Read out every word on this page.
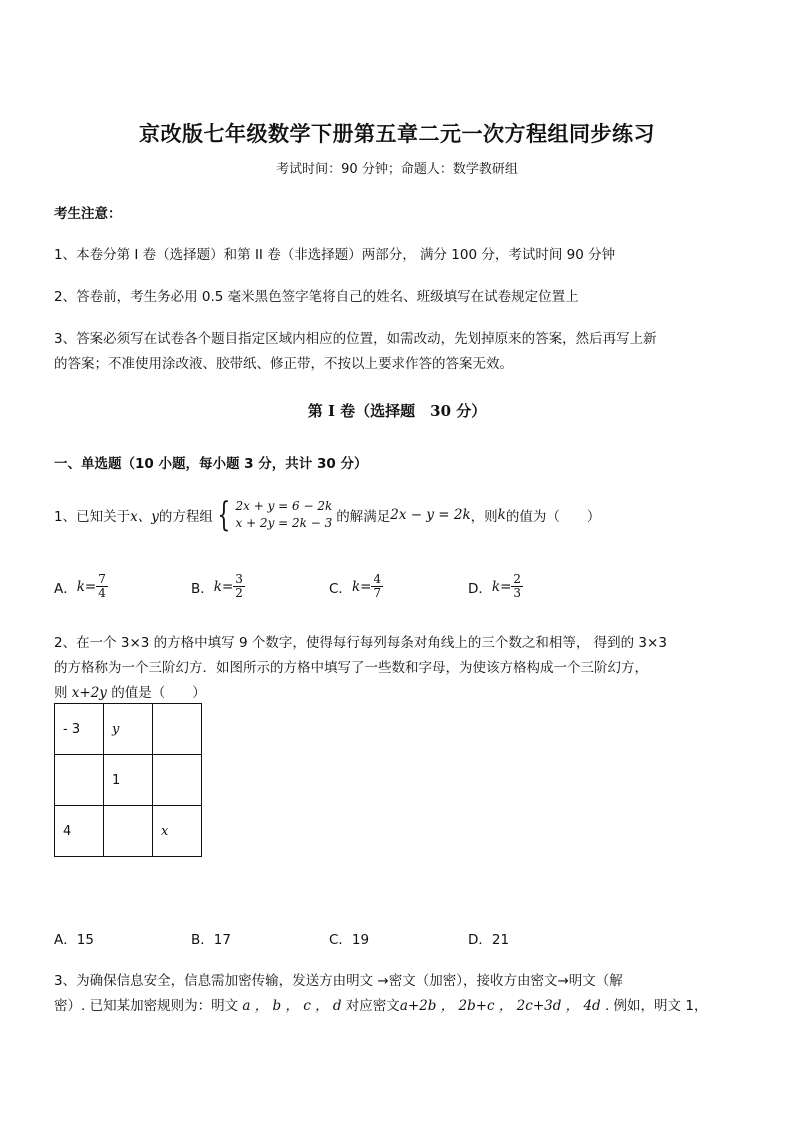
京改版七年级数学下册第五章二元一次方程组同步练习
考试时间：90 分钟；命题人：数学教研组
考生注意：
1、本卷分第 I 卷（选择题）和第 II 卷（非选择题）两部分， 满分 100 分，考试时间 90 分钟
2、答卷前，考生务必用 0.5 毫米黑色签字笔将自己的姓名、班级填写在试卷规定位置上
3、答案必须写在试卷各个题目指定区域内相应的位置，如需改动，先划掉原来的答案，然后再写上新
的答案；不准使用涂改液、胶带纸、修正带，不按以上要求作答的答案无效。
第 I 卷（选择题　30 分）
一、单选题（10 小题，每小题 3 分，共计 30 分）
1、已知关于 x、y 的方程组 { 2x + y = 6 − 2k
x + 2y = 2k − 3 的解满足 2x − y = 2k ，则 k 的值为（　　）
A． $k= \frac{7}{4}$	B． $k= \frac{3}{2}$	C． $k= \frac{4}{7}$	D． $k= \frac{2}{3}$
2、在一个 3×3 的方格中填写 9 个数字，使得每行每列每条对角线上的三个数之和相等， 得到的 3×3
的方格称为一个三阶幻方．如图所示的方格中填写了一些数和字母，为使该方格构成一个三阶幻方，
则 x+2y 的值是（　　）
- 3	y	
	1	
4		x
A．15	B．17	C．19	D．21
3、为确保信息安全，信息需加密传输，发送方由明文 →密文（加密），接收方由密文→明文（解
密）. 已知某加密规则为：明文 a ， b ， c ， d 对应密文a+2b ， 2b+c ， 2c+3d ， 4d . 例如，明文 1，
